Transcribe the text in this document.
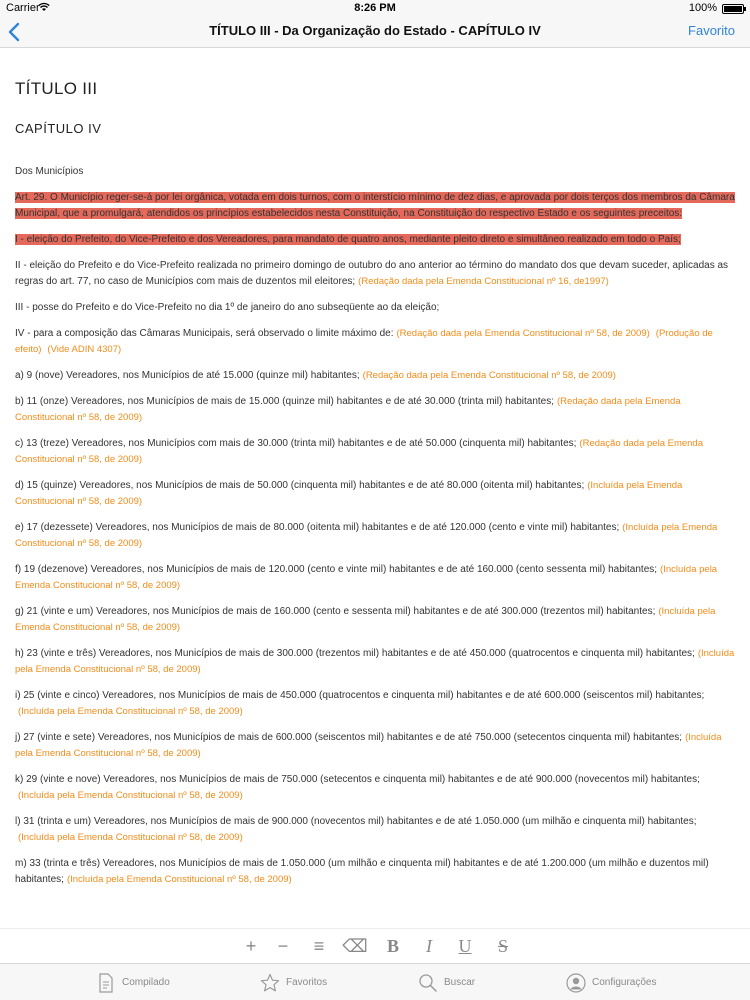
Carrier	8:26 PM	100%
TÍTULO III - Da Organização do Estado - CAPÍTULO IV	Favorito
TÍTULO III
CAPÍTULO IV
Dos Municípios
Art. 29. O Município reger-se-á por lei orgânica, votada em dois turnos, com o interstício mínimo de dez dias, e aprovada por dois terços dos membros da Câmara Municipal, que a promulgará, atendidos os princípios estabelecidos nesta Constituição, na Constituição do respectivo Estado e os seguintes preceitos:
I - eleição do Prefeito, do Vice-Prefeito e dos Vereadores, para mandato de quatro anos, mediante pleito direto e simultâneo realizado em todo o País;
II - eleição do Prefeito e do Vice-Prefeito realizada no primeiro domingo de outubro do ano anterior ao término do mandato dos que devam suceder, aplicadas as regras do art. 77, no caso de Municípios com mais de duzentos mil eleitores; (Redação dada pela Emenda Constitucional nº 16, de1997)
III - posse do Prefeito e do Vice-Prefeito no dia 1º de janeiro do ano subseqüente ao da eleição;
IV - para a composição das Câmaras Municipais, será observado o limite máximo de: (Redação dada pela Emenda Constitucional nº 58, de 2009) (Produção de efeito) (Vide ADIN 4307)
a) 9 (nove) Vereadores, nos Municípios de até 15.000 (quinze mil) habitantes; (Redação dada pela Emenda Constitucional nº 58, de 2009)
b) 11 (onze) Vereadores, nos Municípios de mais de 15.000 (quinze mil) habitantes e de até 30.000 (trinta mil) habitantes; (Redação dada pela Emenda Constitucional nº 58, de 2009)
c) 13 (treze) Vereadores, nos Municípios com mais de 30.000 (trinta mil) habitantes e de até 50.000 (cinquenta mil) habitantes; (Redação dada pela Emenda Constitucional nº 58, de 2009)
d) 15 (quinze) Vereadores, nos Municípios de mais de 50.000 (cinquenta mil) habitantes e de até 80.000 (oitenta mil) habitantes; (Incluída pela Emenda Constitucional nº 58, de 2009)
e) 17 (dezessete) Vereadores, nos Municípios de mais de 80.000 (oitenta mil) habitantes e de até 120.000 (cento e vinte mil) habitantes; (Incluída pela Emenda Constitucional nº 58, de 2009)
f) 19 (dezenove) Vereadores, nos Municípios de mais de 120.000 (cento e vinte mil) habitantes e de até 160.000 (cento sessenta mil) habitantes; (Incluída pela Emenda Constitucional nº 58, de 2009)
g) 21 (vinte e um) Vereadores, nos Municípios de mais de 160.000 (cento e sessenta mil) habitantes e de até 300.000 (trezentos mil) habitantes; (Incluída pela Emenda Constitucional nº 58, de 2009)
h) 23 (vinte e três) Vereadores, nos Municípios de mais de 300.000 (trezentos mil) habitantes e de até 450.000 (quatrocentos e cinquenta mil) habitantes; (Incluída pela Emenda Constitucional nº 58, de 2009)
i) 25 (vinte e cinco) Vereadores, nos Municípios de mais de 450.000 (quatrocentos e cinquenta mil) habitantes e de até 600.000 (seiscentos mil) habitantes;(Incluída pela Emenda Constitucional nº 58, de 2009)
j) 27 (vinte e sete) Vereadores, nos Municípios de mais de 600.000 (seiscentos mil) habitantes e de até 750.000 (setecentos cinquenta mil) habitantes; (Incluída pela Emenda Constitucional nº 58, de 2009)
k) 29 (vinte e nove) Vereadores, nos Municípios de mais de 750.000 (setecentos e cinquenta mil) habitantes e de até 900.000 (novecentos mil) habitantes;(Incluída pela Emenda Constitucional nº 58, de 2009)
l) 31 (trinta e um) Vereadores, nos Municípios de mais de 900.000 (novecentos mil) habitantes e de até 1.050.000 (um milhão e cinquenta mil) habitantes;(Incluída pela Emenda Constitucional nº 58, de 2009)
m) 33 (trinta e três) Vereadores, nos Municípios de mais de 1.050.000 (um milhão e cinquenta mil) habitantes e de até 1.200.000 (um milhão e duzentos mil) habitantes; (Incluída pela Emenda Constitucional nº 58, de 2009)
+	−	≡	⌫	B	I	U	S
Compilado	Favoritos	Buscar	Configurações
